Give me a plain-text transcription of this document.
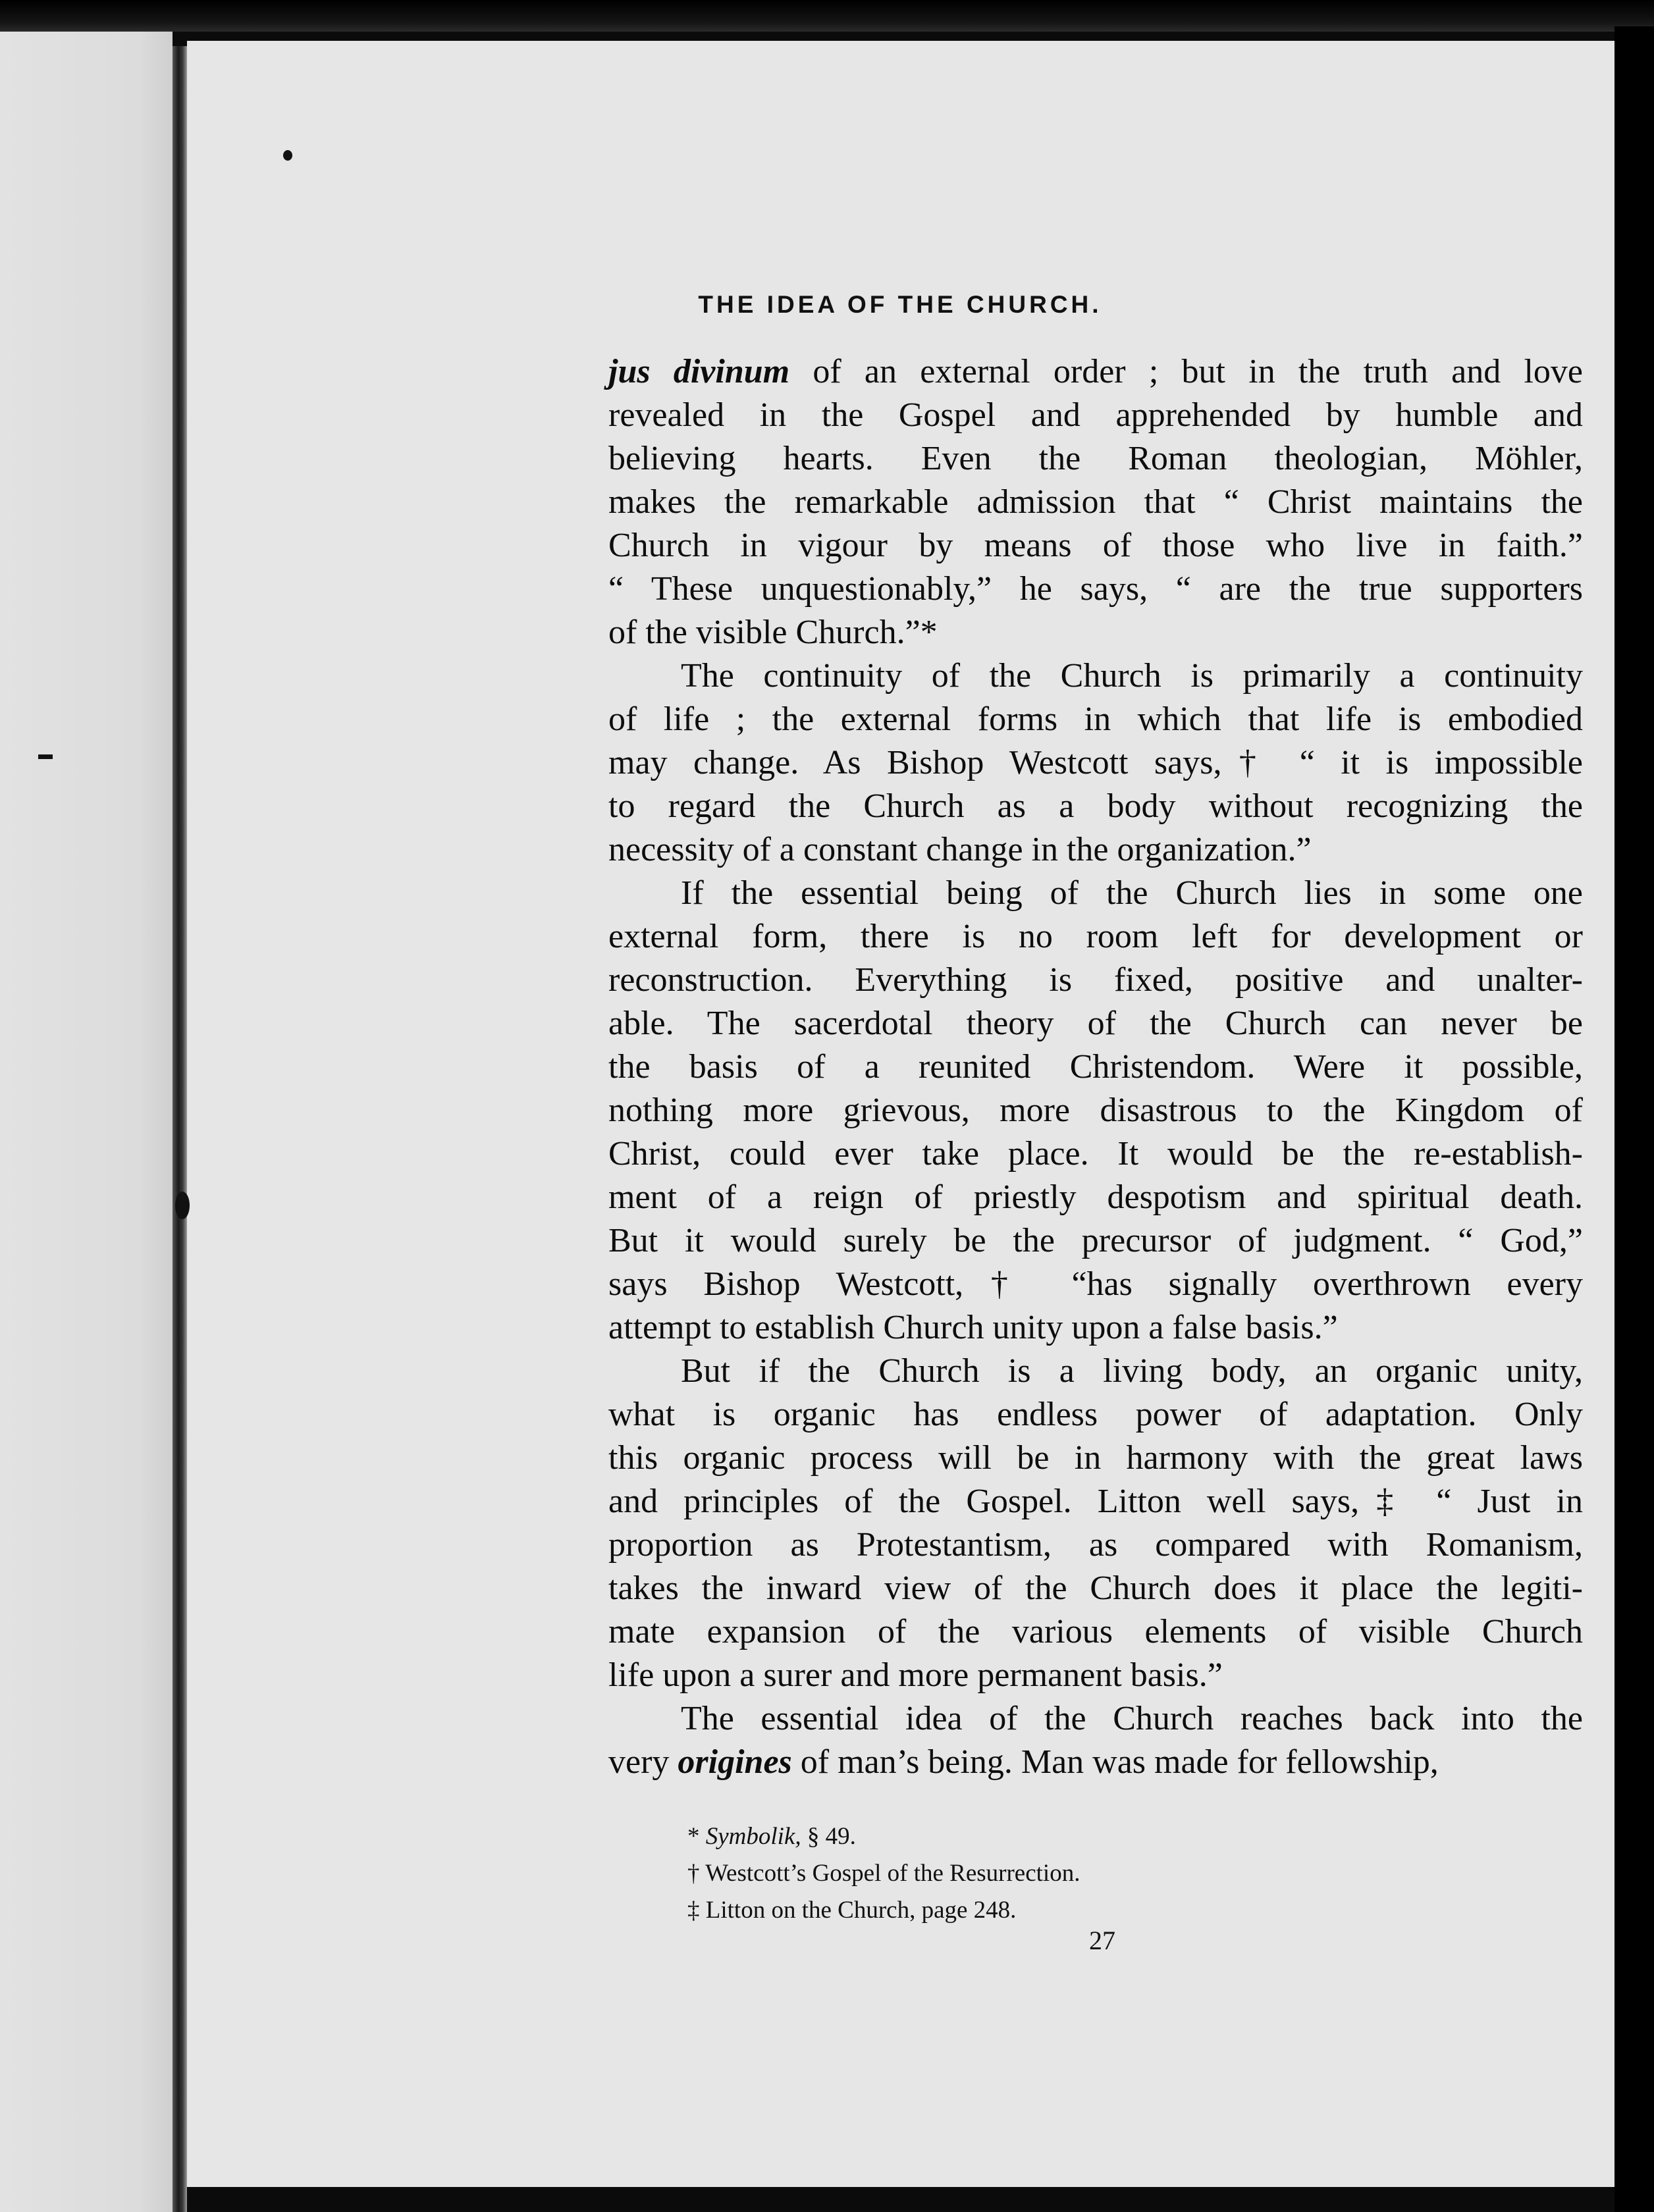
THE IDEA OF THE CHURCH.
jus divinum of an external order ; but in the truth and love
revealed in the Gospel and apprehended by humble and
believing hearts. Even the Roman theologian, Möhler,
makes the remarkable admission that “ Christ maintains the
Church in vigour by means of those who live in faith.”
“ These unquestionably,” he says, “ are the true supporters
of the visible Church.”*
The continuity of the Church is primarily a continuity
of life ; the external forms in which that life is embodied
may change. As Bishop Westcott says,† “ it is impossible
to regard the Church as a body without recognizing the
necessity of a constant change in the organization.”
If the essential being of the Church lies in some one
external form, there is no room left for development or
reconstruction. Everything is fixed, positive and unalter-
able. The sacerdotal theory of the Church can never be
the basis of a reunited Christendom. Were it possible,
nothing more grievous, more disastrous to the Kingdom of
Christ, could ever take place. It would be the re-establish-
ment of a reign of priestly despotism and spiritual death.
But it would surely be the precursor of judgment. “ God,”
says Bishop Westcott,† “has signally overthrown every
attempt to establish Church unity upon a false basis.”
But if the Church is a living body, an organic unity,
what is organic has endless power of adaptation. Only
this organic process will be in harmony with the great laws
and principles of the Gospel. Litton well says,‡ “ Just in
proportion as Protestantism, as compared with Romanism,
takes the inward view of the Church does it place the legiti-
mate expansion of the various elements of visible Church
life upon a surer and more permanent basis.”
The essential idea of the Church reaches back into the
very origines of man’s being. Man was made for fellowship,
* Symbolik, § 49.
† Westcott’s Gospel of the Resurrection.
‡ Litton on the Church, page 248.
27
